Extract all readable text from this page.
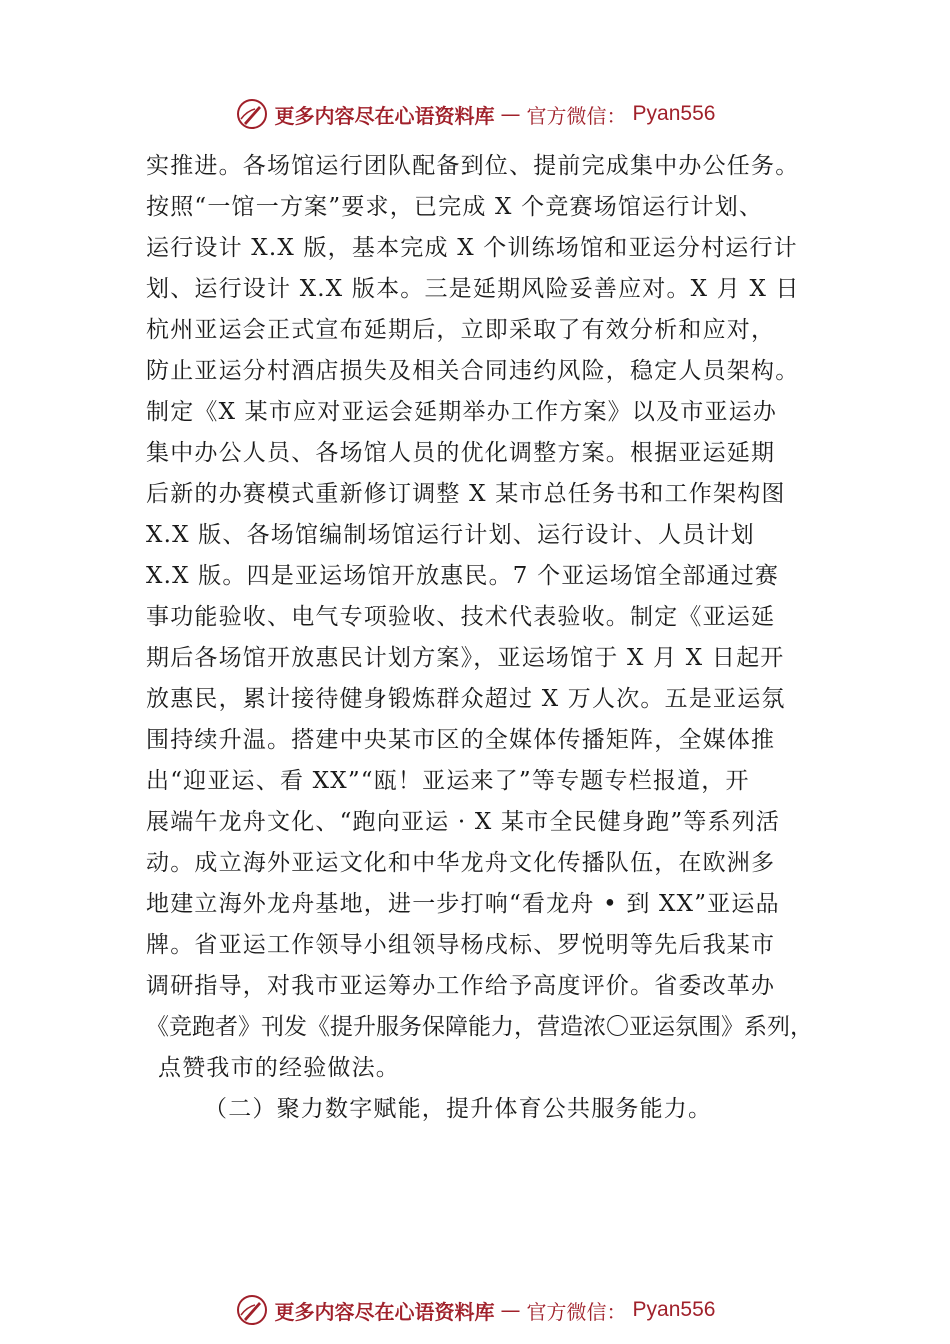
更多内容尽在心语资料库 — 官方微信： Pyan556
实推进。各场馆运行团队配备到位、提前完成集中办公任务。
按照“一馆一方案”要求，已完成 X 个竞赛场馆运行计划、
运行设计 X.X 版，基本完成 X 个训练场馆和亚运分村运行计
划、运行设计 X.X 版本。三是延期风险妥善应对。X 月 X 日
杭州亚运会正式宣布延期后，立即采取了有效分析和应对，
防止亚运分村酒店损失及相关合同违约风险，稳定人员架构。
制定《X 某市应对亚运会延期举办工作方案》以及市亚运办
集中办公人员、各场馆人员的优化调整方案。根据亚运延期
后新的办赛模式重新修订调整 X 某市总任务书和工作架构图
X.X 版、各场馆编制场馆运行计划、运行设计、人员计划
X.X 版。四是亚运场馆开放惠民。7 个亚运场馆全部通过赛
事功能验收、电气专项验收、技术代表验收。制定《亚运延
期后各场馆开放惠民计划方案》，亚运场馆于 X 月 X 日起开
放惠民，累计接待健身锻炼群众超过 X 万人次。五是亚运氛
围持续升温。搭建中央某市区的全媒体传播矩阵，全媒体推
出“迎亚运、看 XX”“瓯！亚运来了”等专题专栏报道，开
展端午龙舟文化、“跑向亚运 · X 某市全民健身跑”等系列活
动。成立海外亚运文化和中华龙舟文化传播队伍，在欧洲多
地建立海外龙舟基地，进一步打响“看龙舟 • 到 XX”亚运品
牌。省亚运工作领导小组领导杨戌标、罗悦明等先后我某市
调研指导，对我市亚运筹办工作给予高度评价。省委改革办
《竞跑者》刊发《提升服务保障能力，营造浓〇亚运氛围》系列，
点赞我市的经验做法。
（二）聚力数字赋能，提升体育公共服务能力。
更多内容尽在心语资料库 — 官方微信： Pyan556
